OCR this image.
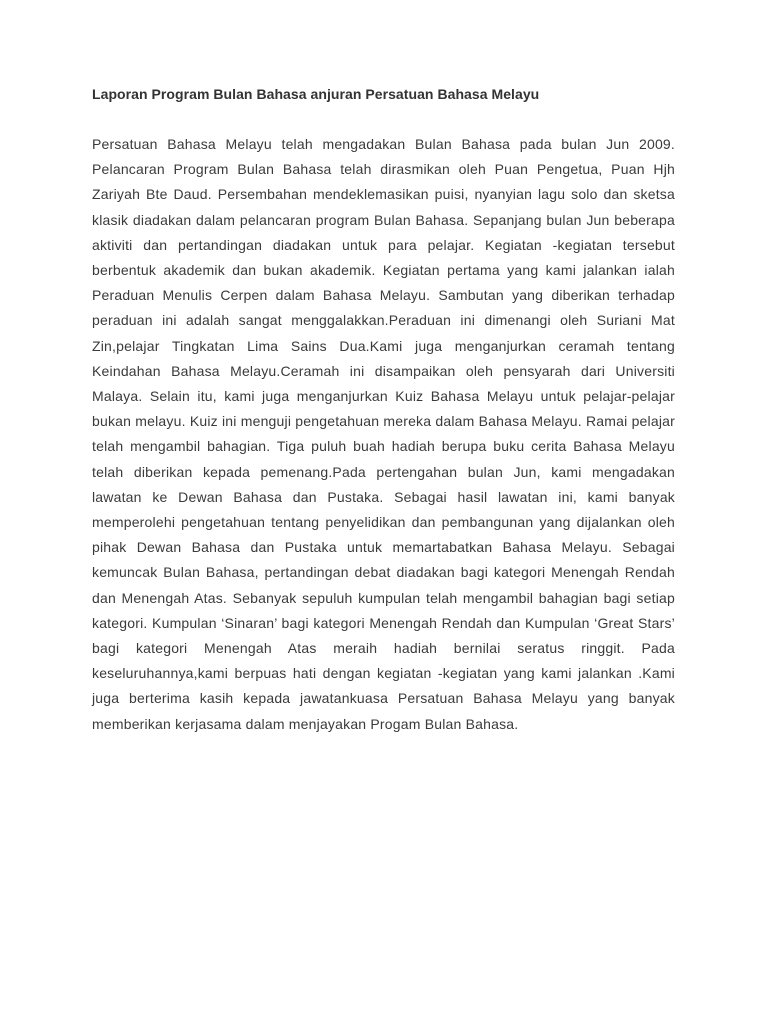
Laporan Program Bulan Bahasa anjuran Persatuan Bahasa Melayu

Persatuan Bahasa Melayu telah mengadakan Bulan Bahasa pada bulan Jun 2009. Pelancaran Program Bulan Bahasa telah dirasmikan oleh Puan Pengetua, Puan Hjh Zariyah Bte Daud. Persembahan mendeklemasikan puisi, nyanyian lagu solo dan sketsa klasik diadakan dalam pelancaran program Bulan Bahasa. Sepanjang bulan Jun beberapa aktiviti dan pertandingan diadakan untuk para pelajar. Kegiatan -kegiatan tersebut berbentuk akademik dan bukan akademik. Kegiatan pertama yang kami jalankan ialah Peraduan Menulis Cerpen dalam Bahasa Melayu. Sambutan yang diberikan terhadap peraduan ini adalah sangat menggalakkan.Peraduan ini dimenangi oleh Suriani Mat Zin,pelajar Tingkatan Lima Sains Dua.Kami juga menganjurkan ceramah tentang Keindahan Bahasa Melayu.Ceramah ini disampaikan oleh pensyarah dari Universiti Malaya. Selain itu, kami juga menganjurkan Kuiz Bahasa Melayu untuk pelajar-pelajar bukan melayu. Kuiz ini menguji pengetahuan mereka dalam Bahasa Melayu. Ramai pelajar telah mengambil bahagian. Tiga puluh buah hadiah berupa buku cerita Bahasa Melayu telah diberikan kepada pemenang.Pada pertengahan bulan Jun, kami mengadakan lawatan ke Dewan Bahasa dan Pustaka. Sebagai hasil lawatan ini, kami banyak memperolehi pengetahuan tentang penyelidikan dan pembangunan yang dijalankan oleh pihak Dewan Bahasa dan Pustaka untuk memartabatkan Bahasa Melayu. Sebagai kemuncak Bulan Bahasa, pertandingan debat diadakan bagi kategori Menengah Rendah dan Menengah Atas. Sebanyak sepuluh kumpulan telah mengambil bahagian bagi setiap kategori. Kumpulan ‘Sinaran’ bagi kategori Menengah Rendah dan Kumpulan ‘Great Stars’ bagi kategori Menengah Atas meraih hadiah bernilai seratus ringgit. Pada keseluruhannya,kami berpuas hati dengan kegiatan -kegiatan yang kami jalankan .Kami juga berterima kasih kepada jawatankuasa Persatuan Bahasa Melayu yang banyak memberikan kerjasama dalam menjayakan Progam Bulan Bahasa.
